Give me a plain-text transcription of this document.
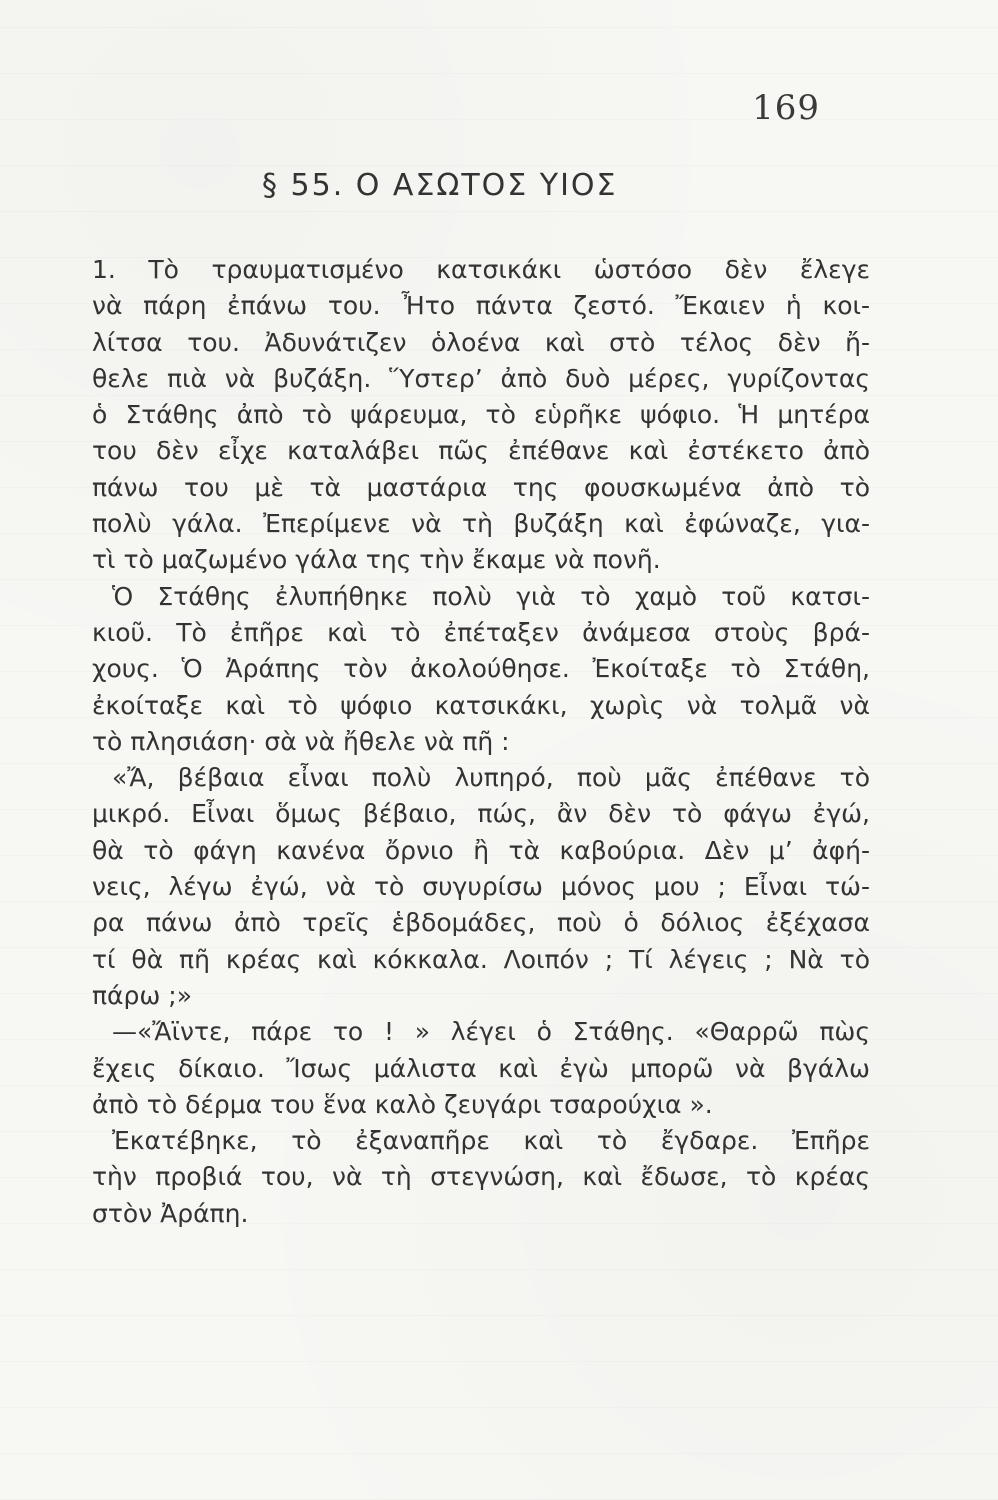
169
§ 55. Ο ΑΣΩΤΟΣ ΥΙΟΣ
1. Τὸ τραυματισμένο κατσικάκι ὡστόσο δὲν ἔλεγε
νὰ πάρη ἐπάνω του. Ἦτο πάντα ζεστό. Ἔκαιεν ἡ κοι-
λίτσα του. Ἀδυνάτιζεν ὁλοένα καὶ στὸ τέλος δὲν ἤ-
θελε πιὰ νὰ βυζάξη. Ὕστερ’ ἀπὸ δυὸ μέρες, γυρίζοντας
ὁ Στάθης ἀπὸ τὸ ψάρευμα, τὸ εὑρῆκε ψόφιο. Ἡ μητέρα
του δὲν εἶχε καταλάβει πῶς ἐπέθανε καὶ ἐστέκετο ἀπὸ
πάνω του μὲ τὰ μαστάρια της φουσκωμένα ἀπὸ τὸ
πολὺ γάλα. Ἐπερίμενε νὰ τὴ βυζάξη καὶ ἐφώναζε, για-
τὶ τὸ μαζωμένο γάλα της τὴν ἔκαμε νὰ πονῆ.
Ὁ Στάθης ἐλυπήθηκε πολὺ γιὰ τὸ χαμὸ τοῦ κατσι-
κιοῦ. Τὸ ἐπῆρε καὶ τὸ ἐπέταξεν ἀνάμεσα στοὺς βρά-
χους. Ὁ Ἀράπης τὸν ἀκολούθησε. Ἐκοίταξε τὸ Στάθη,
ἐκοίταξε καὶ τὸ ψόφιο κατσικάκι, χωρὶς νὰ τολμᾶ νὰ
τὸ πλησιάση· σὰ νὰ ἤθελε νὰ πῆ :
«Ἄ, βέβαια εἶναι πολὺ λυπηρό, ποὺ μᾶς ἐπέθανε τὸ
μικρό. Εἶναι ὅμως βέβαιο, πώς, ἂν δὲν τὸ φάγω ἐγώ,
θὰ τὸ φάγη κανένα ὄρνιο ἢ τὰ καβούρια. Δὲν μ’ ἀφή-
νεις, λέγω ἐγώ, νὰ τὸ συγυρίσω μόνος μου ; Εἶναι τώ-
ρα πάνω ἀπὸ τρεῖς ἑβδομάδες, ποὺ ὁ δόλιος ἐξέχασα
τί θὰ πῆ κρέας καὶ κόκκαλα. Λοιπόν ; Τί λέγεις ; Νὰ τὸ
πάρω ;»
—«Ἄϊντε, πάρε το ! » λέγει ὁ Στάθης. «Θαρρῶ πὼς
ἔχεις δίκαιο. Ἴσως μάλιστα καὶ ἐγὼ μπορῶ νὰ βγάλω
ἀπὸ τὸ δέρμα του ἕνα καλὸ ζευγάρι τσαρούχια ».
Ἐκατέβηκε, τὸ ἐξαναπῆρε καὶ τὸ ἔγδαρε. Ἐπῆρε
τὴν προβιά του, νὰ τὴ στεγνώση, καὶ ἔδωσε, τὸ κρέας
στὸν Ἀράπη.
